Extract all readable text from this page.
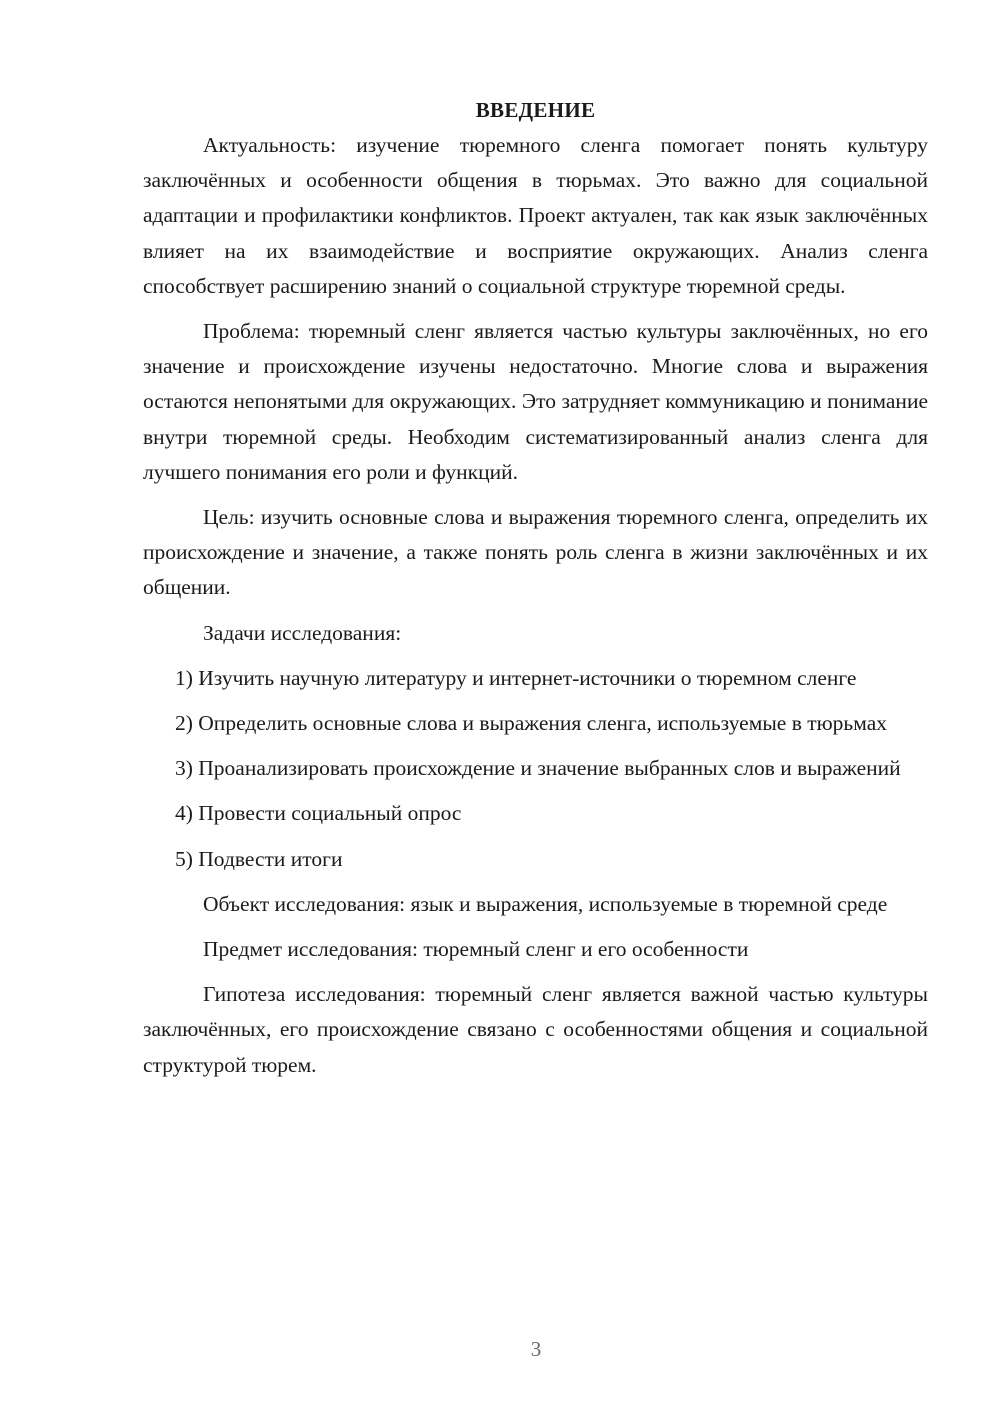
ВВЕДЕНИЕ

Актуальность: изучение тюремного сленга помогает понять культуру заключённых и особенности общения в тюрьмах. Это важно для социальной адаптации и профилактики конфликтов. Проект актуален, так как язык заключённых влияет на их взаимодействие и восприятие окружающих. Анализ сленга способствует расширению знаний о социальной структуре тюремной среды.

Проблема: тюремный сленг является частью культуры заключённых, но его значение и происхождение изучены недостаточно. Многие слова и выражения остаются непонятыми для окружающих. Это затрудняет коммуникацию и понимание внутри тюремной среды. Необходим систематизированный анализ сленга для лучшего понимания его роли и функций.

Цель: изучить основные слова и выражения тюремного сленга, определить их происхождение и значение, а также понять роль сленга в жизни заключённых и их общении.

Задачи исследования:

1) Изучить научную литературу и интернет-источники о тюремном сленге

2) Определить основные слова и выражения сленга, используемые в тюрьмах

3) Проанализировать происхождение и значение выбранных слов и выражений

4) Провести социальный опрос

5) Подвести итоги

Объект исследования: язык и выражения, используемые в тюремной среде

Предмет исследования: тюремный сленг и его особенности

Гипотеза исследования: тюремный сленг является важной частью культуры заключённых, его происхождение связано с особенностями общения и социальной структурой тюрем.

3
